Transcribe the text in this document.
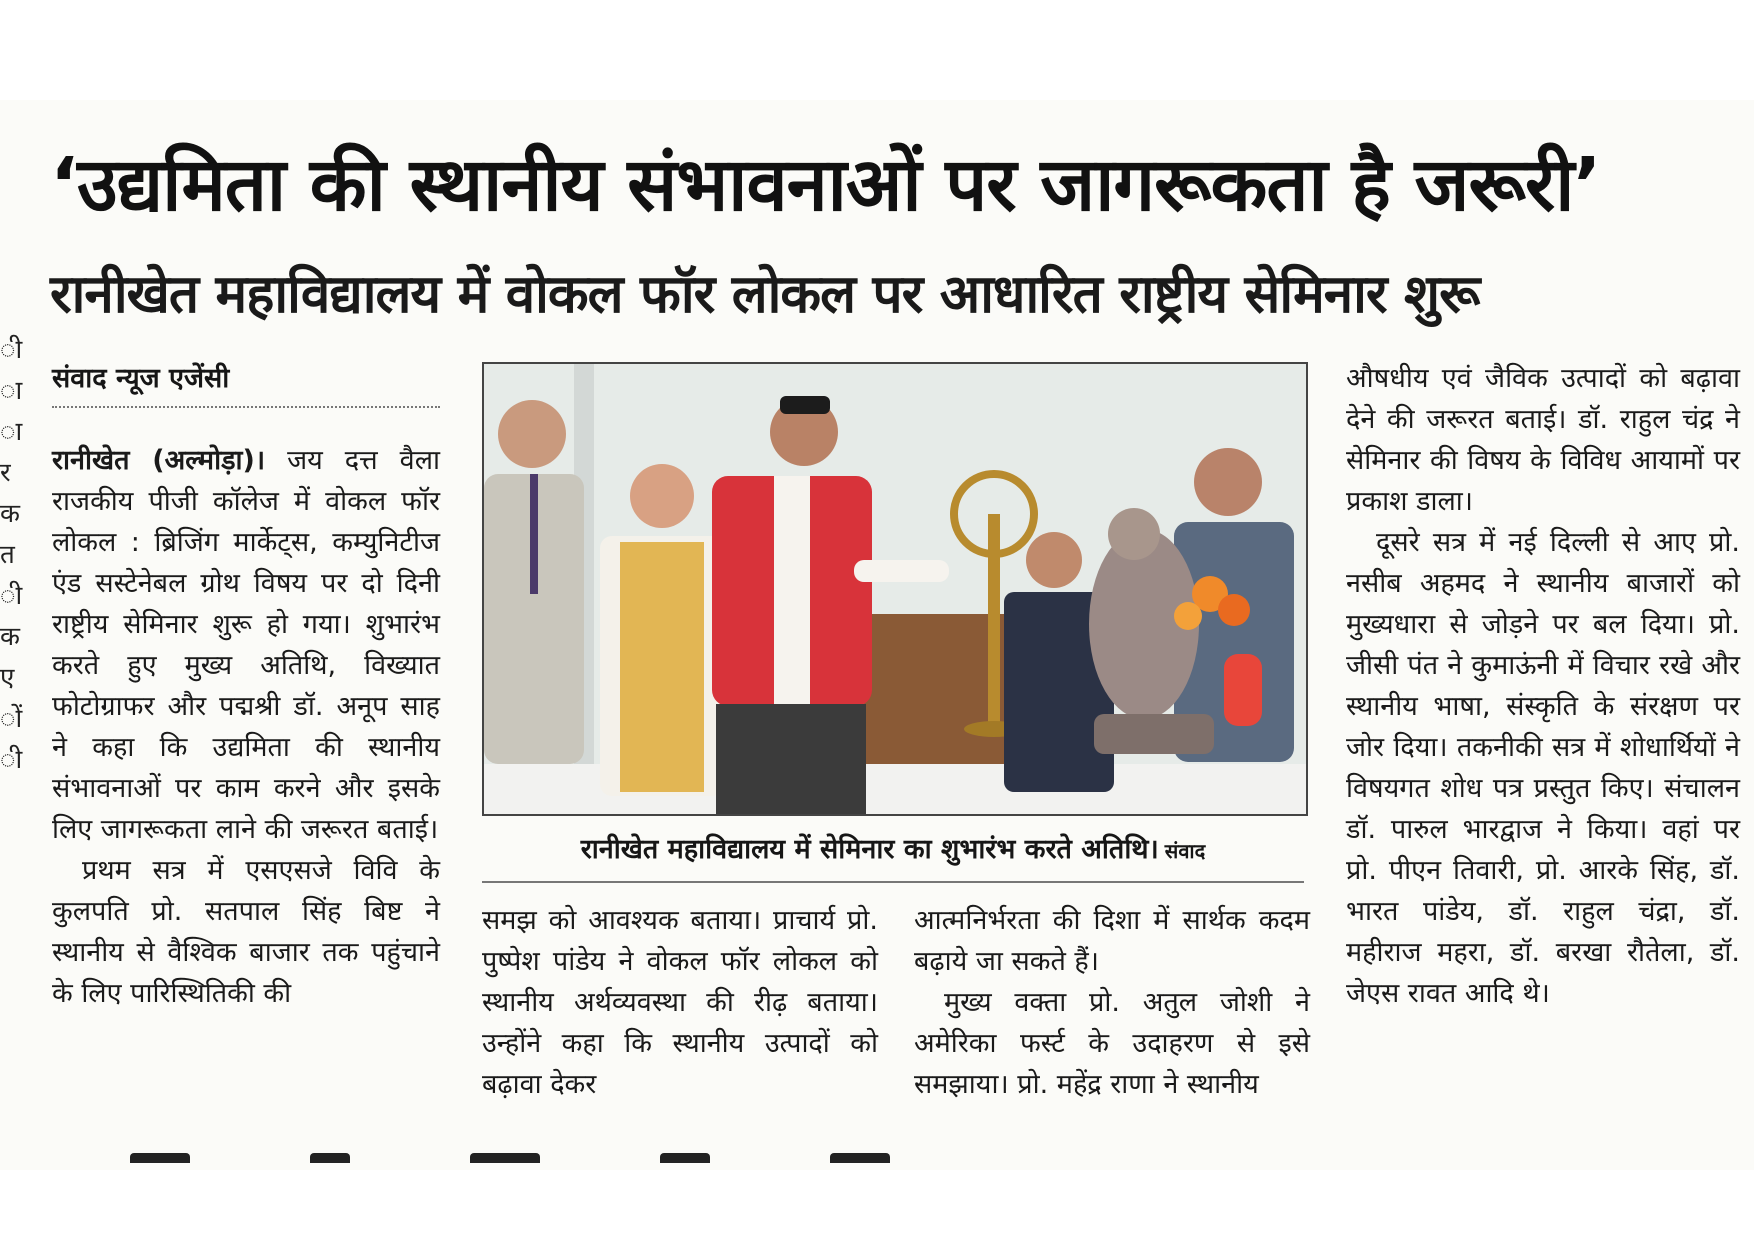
ी
ा
ा
र
क
त
ी
क
ए
ों
ी
‘उद्यमिता की स्थानीय संभावनाओं पर जागरूकता है जरूरी’
रानीखेत महाविद्यालय में वोकल फॉर लोकल पर आधारित राष्ट्रीय सेमिनार शुरू
संवाद न्यूज एजेंसी

रानीखेत (अल्मोड़ा)। जय दत्त वैला राजकीय पीजी कॉलेज में वोकल फॉर लोकल : ब्रिजिंग मार्केट्स, कम्युनिटीज एंड सस्टेनेबल ग्रोथ विषय पर दो दिनी राष्ट्रीय सेमिनार शुरू हो गया। शुभारंभ करते हुए मुख्य अतिथि, विख्यात फोटोग्राफर और पद्मश्री डॉ. अनूप साह ने कहा कि उद्यमिता की स्थानीय संभावनाओं पर काम करने और इसके लिए जागरूकता लाने की जरूरत बताई।

प्रथम सत्र में एसएसजे विवि के कुलपति प्रो. सतपाल सिंह बिष्ट ने स्थानीय से वैश्विक बाजार तक पहुंचाने के लिए पारिस्थितिकी की

रानीखेत महाविद्यालय में सेमिनार का शुभारंभ करते अतिथि। संवाद

समझ को आवश्यक बताया। प्राचार्य प्रो. पुष्पेश पांडेय ने वोकल फॉर लोकल को स्थानीय अर्थव्यवस्था की रीढ़ बताया। उन्होंने कहा कि स्थानीय उत्पादों को बढ़ावा देकर

आत्मनिर्भरता की दिशा में सार्थक कदम बढ़ाये जा सकते हैं।

मुख्य वक्ता प्रो. अतुल जोशी ने अमेरिका फर्स्ट के उदाहरण से इसे समझाया। प्रो. महेंद्र राणा ने स्थानीय

औषधीय एवं जैविक उत्पादों को बढ़ावा देने की जरूरत बताई। डॉ. राहुल चंद्र ने सेमिनार की विषय के विविध आयामों पर प्रकाश डाला।

दूसरे सत्र में नई दिल्ली से आए प्रो. नसीब अहमद ने स्थानीय बाजारों को मुख्यधारा से जोड़ने पर बल दिया। प्रो. जीसी पंत ने कुमाऊंनी में विचार रखे और स्थानीय भाषा, संस्कृति के संरक्षण पर जोर दिया। तकनीकी सत्र में शोधार्थियों ने विषयगत शोध पत्र प्रस्तुत किए। संचालन डॉ. पारुल भारद्वाज ने किया। वहां पर प्रो. पीएन तिवारी, प्रो. आरके सिंह, डॉ. भारत पांडेय, डॉ. राहुल चंद्रा, डॉ. महीराज महरा, डॉ. बरखा रौतेला, डॉ. जेएस रावत आदि थे।
